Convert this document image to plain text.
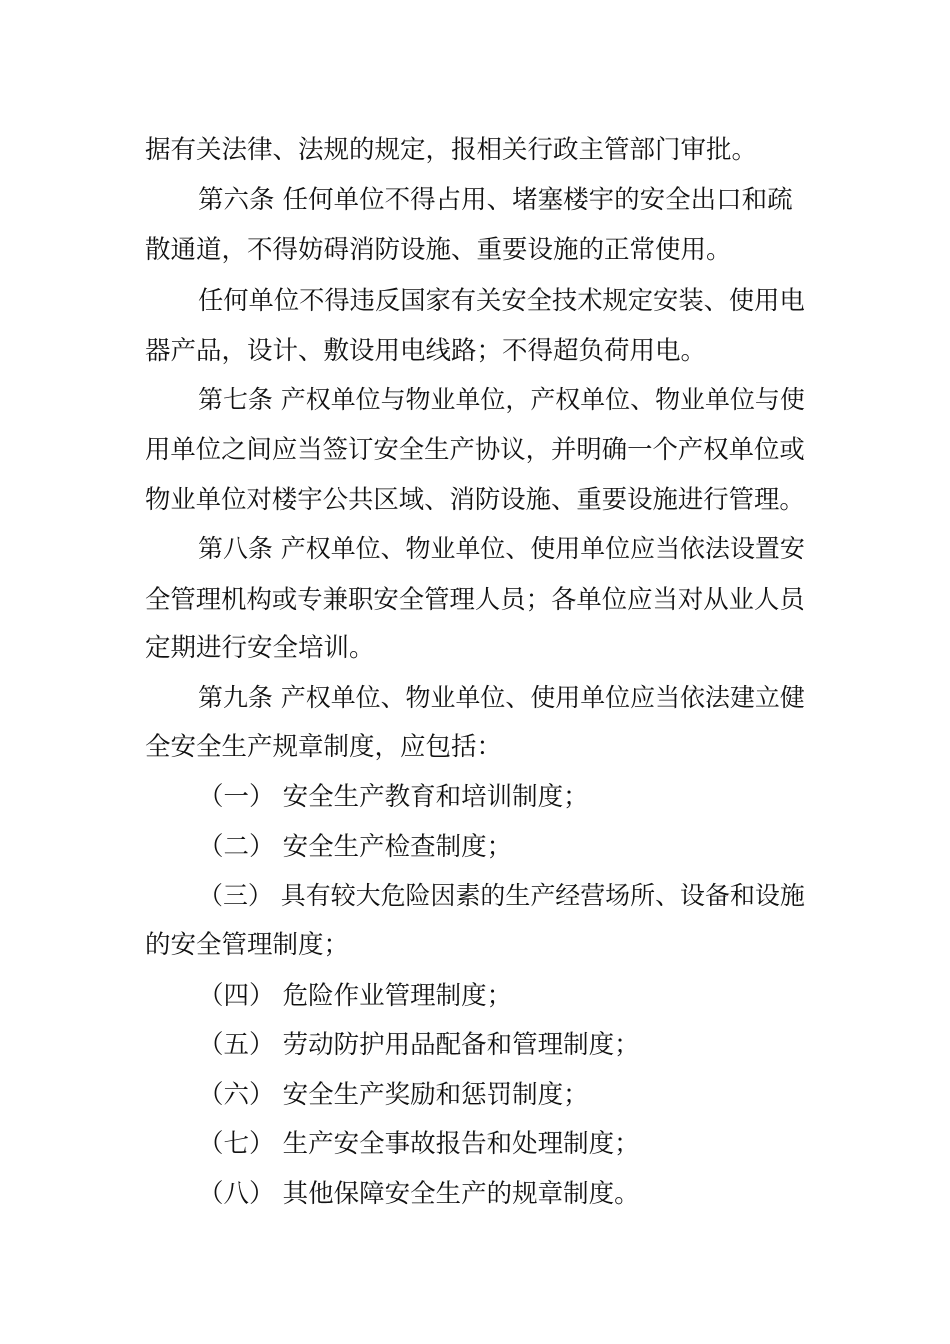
据有关法律、法规的规定，报相关行政主管部门审批。
第六条 任何单位不得占用、堵塞楼宇的安全出口和疏
散通道，不得妨碍消防设施、重要设施的正常使用。
任何单位不得违反国家有关安全技术规定安装、使用电
器产品，设计、敷设用电线路；不得超负荷用电。
第七条 产权单位与物业单位，产权单位、物业单位与使
用单位之间应当签订安全生产协议，并明确一个产权单位或
物业单位对楼宇公共区域、消防设施、重要设施进行管理。
第八条 产权单位、物业单位、使用单位应当依法设置安
全管理机构或专兼职安全管理人员；各单位应当对从业人员
定期进行安全培训。
第九条 产权单位、物业单位、使用单位应当依法建立健
全安全生产规章制度，应包括：
（一） 安全生产教育和培训制度；
（二） 安全生产检查制度；
（三） 具有较大危险因素的生产经营场所、设备和设施
的安全管理制度；
（四） 危险作业管理制度；
（五） 劳动防护用品配备和管理制度；
（六） 安全生产奖励和惩罚制度；
（七） 生产安全事故报告和处理制度；
（八） 其他保障安全生产的规章制度。
